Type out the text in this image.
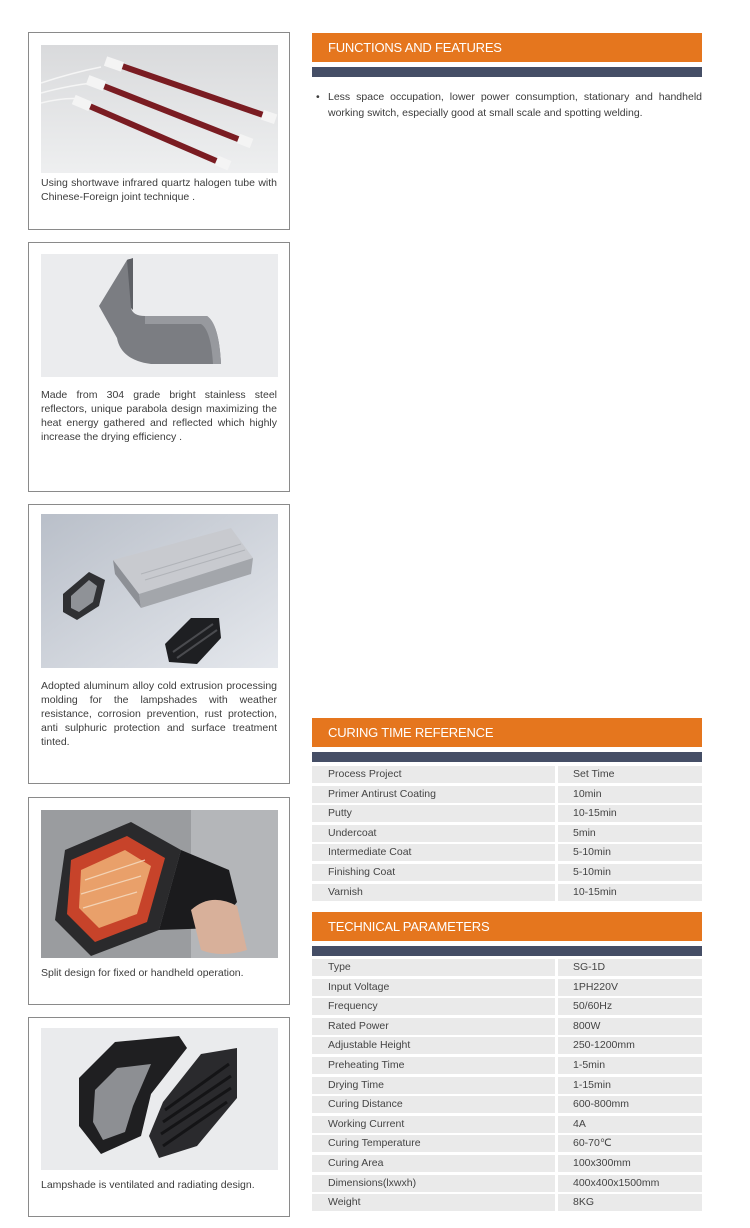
Using shortwave infrared quartz halogen tube with Chinese-Foreign joint technique .
Made from 304 grade bright stainless steel reflectors, unique parabola design maximizing the heat energy gathered and reflected which highly increase the drying efficiency .
Adopted aluminum alloy cold extrusion processing molding for the lampshades with weather resistance, corrosion prevention, rust protection, anti sulphuric protection and surface treatment tinted.
Split design for fixed or handheld operation.
Lampshade is ventilated and radiating design.
FUNCTIONS AND FEATURES
• Less space occupation, lower power consumption, stationary and handheld working switch, especially good at small scale and spotting welding.
CURING TIME REFERENCE
Process Project	Set Time
Primer Antirust Coating	10min
Putty	10-15min
Undercoat	5min
Intermediate Coat	5-10min
Finishing Coat	5-10min
Varnish	10-15min
TECHNICAL PARAMETERS
Type	SG-1D
Input Voltage	1PH220V
Frequency	50/60Hz
Rated Power	800W
Adjustable Height	250-1200mm
Preheating Time	1-5min
Drying Time	1-15min
Curing Distance	600-800mm
Working Current	4A
Curing Temperature	60-70℃
Curing Area	100x300mm
Dimensions(lxwxh)	400x400x1500mm
Weight	8KG
